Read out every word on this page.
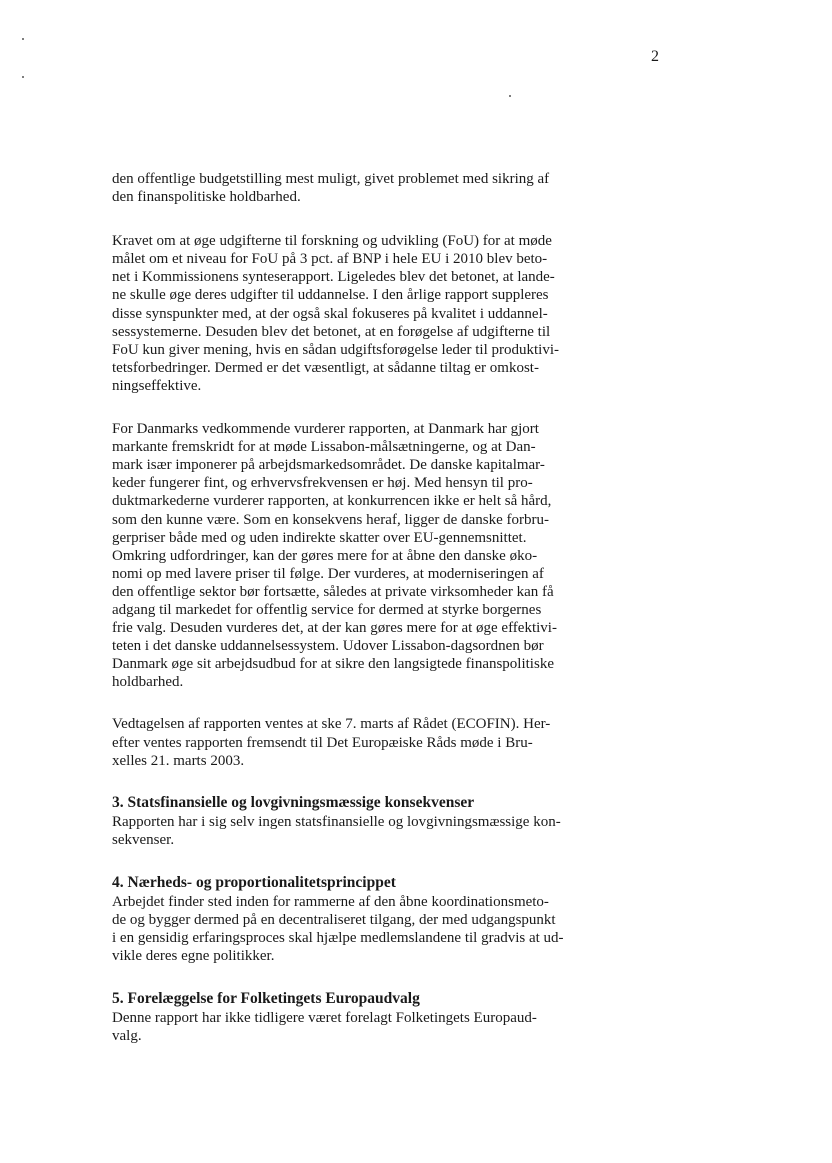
2

den offentlige budgetstilling mest muligt, givet problemet med sikring af
den finanspolitiske holdbarhed.

Kravet om at øge udgifterne til forskning og udvikling (FoU) for at møde
målet om et niveau for FoU på 3 pct. af BNP i hele EU i 2010 blev beto-
net i Kommissionens synteserapport. Ligeledes blev det betonet, at lande-
ne skulle øge deres udgifter til uddannelse. I den årlige rapport suppleres
disse synspunkter med, at der også skal fokuseres på kvalitet i uddannel-
sessystemerne. Desuden blev det betonet, at en forøgelse af udgifterne til
FoU kun giver mening, hvis en sådan udgiftsforøgelse leder til produktivi-
tetsforbedringer. Dermed er det væsentligt, at sådanne tiltag er omkost-
ningseffektive.

For Danmarks vedkommende vurderer rapporten, at Danmark har gjort
markante fremskridt for at møde Lissabon-målsætningerne, og at Dan-
mark især imponerer på arbejdsmarkedsområdet. De danske kapitalmar-
keder fungerer fint, og erhvervsfrekvensen er høj. Med hensyn til pro-
duktmarkederne vurderer rapporten, at konkurrencen ikke er helt så hård,
som den kunne være. Som en konsekvens heraf, ligger de danske forbru-
gerpriser både med og uden indirekte skatter over EU-gennemsnittet.
Omkring udfordringer, kan der gøres mere for at åbne den danske øko-
nomi op med lavere priser til følge. Der vurderes, at moderniseringen af
den offentlige sektor bør fortsætte, således at private virksomheder kan få
adgang til markedet for offentlig service for dermed at styrke borgernes
frie valg. Desuden vurderes det, at der kan gøres mere for at øge effektivi-
teten i det danske uddannelsessystem. Udover Lissabon-dagsordnen bør
Danmark øge sit arbejdsudbud for at sikre den langsigtede finanspolitiske
holdbarhed.

Vedtagelsen af rapporten ventes at ske 7. marts af Rådet (ECOFIN). Her-
efter ventes rapporten fremsendt til Det Europæiske Råds møde i Bru-
xelles 21. marts 2003.

3. Statsfinansielle og lovgivningsmæssige konsekvenser
Rapporten har i sig selv ingen statsfinansielle og lovgivningsmæssige kon-
sekvenser.
4. Nærheds- og proportionalitetsprincippet
Arbejdet finder sted inden for rammerne af den åbne koordinationsmeto-
de og bygger dermed på en decentraliseret tilgang, der med udgangspunkt
i en gensidig erfaringsproces skal hjælpe medlemslandene til gradvis at ud-
vikle deres egne politikker.
5. Forelæggelse for Folketingets Europaudvalg
Denne rapport har ikke tidligere været forelagt Folketingets Europaud-
valg.
